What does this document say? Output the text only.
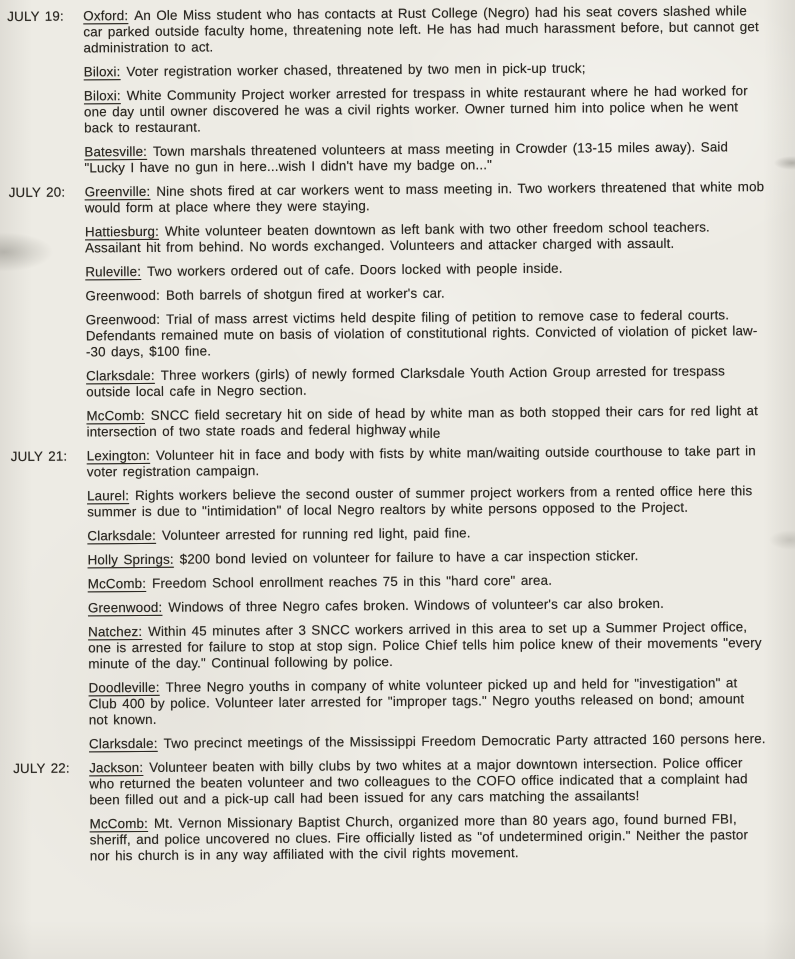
JULY 19: Oxford: An Ole Miss student who has contacts at Rust College (Negro) had his seat covers slashed while car parked outside faculty home, threatening note left. He has had much harassment before, but cannot get administration to act.
Biloxi: Voter registration worker chased, threatened by two men in pick-up truck;
Biloxi: White Community Project worker arrested for trespass in white restaurant where he had worked for one day until owner discovered he was a civil rights worker. Owner turned him into police when he went back to restaurant.
Batesville: Town marshals threatened volunteers at mass meeting in Crowder (13-15 miles away). Said "Lucky I have no gun in here...wish I didn't have my badge on..."
JULY 20: Greenville: Nine shots fired at car workers went to mass meeting in. Two workers threatened that white mob would form at place where they were staying.
Hattiesburg: White volunteer beaten downtown as left bank with two other freedom school teachers. Assailant hit from behind. No words exchanged. Volunteers and attacker charged with assault.
Ruleville: Two workers ordered out of cafe. Doors locked with people inside.
Greenwood: Both barrels of shotgun fired at worker's car.
Greenwood: Trial of mass arrest victims held despite filing of petition to remove case to federal courts. Defendants remained mute on basis of violation of constitutional rights. Convicted of violation of picket law--30 days, $100 fine.
Clarksdale: Three workers (girls) of newly formed Clarksdale Youth Action Group arrested for trespass outside local cafe in Negro section.
McComb: SNCC field secretary hit on side of head by white man as both stopped their cars for red light at intersection of two state roads and federal highway while
JULY 21: Lexington: Volunteer hit in face and body with fists by white man/waiting outside courthouse to take part in voter registration campaign.
Laurel: Rights workers believe the second ouster of summer project workers from a rented office here this summer is due to "intimidation" of local Negro realtors by white persons opposed to the Project.
Clarksdale: Volunteer arrested for running red light, paid fine.
Holly Springs: $200 bond levied on volunteer for failure to have a car inspection sticker.
McComb: Freedom School enrollment reaches 75 in this "hard core" area.
Greenwood: Windows of three Negro cafes broken. Windows of volunteer's car also broken.
Natchez: Within 45 minutes after 3 SNCC workers arrived in this area to set up a Summer Project office, one is arrested for failure to stop at stop sign. Police Chief tells him police knew of their movements "every minute of the day." Continual following by police.
Doodleville: Three Negro youths in company of white volunteer picked up and held for "investigation" at Club 400 by police. Volunteer later arrested for "improper tags." Negro youths released on bond; amount not known.
Clarksdale: Two precinct meetings of the Mississippi Freedom Democratic Party attracted 160 persons here.
JULY 22: Jackson: Volunteer beaten with billy clubs by two whites at a major downtown intersection. Police officer who returned the beaten volunteer and two colleagues to the COFO office indicated that a complaint had been filled out and a pick-up call had been issued for any cars matching the assailants!
McComb: Mt. Vernon Missionary Baptist Church, organized more than 80 years ago, found burned FBI, sheriff, and police uncovered no clues. Fire officially listed as "of undetermined origin." Neither the pastor nor his church is in any way affiliated with the civil rights movement.
